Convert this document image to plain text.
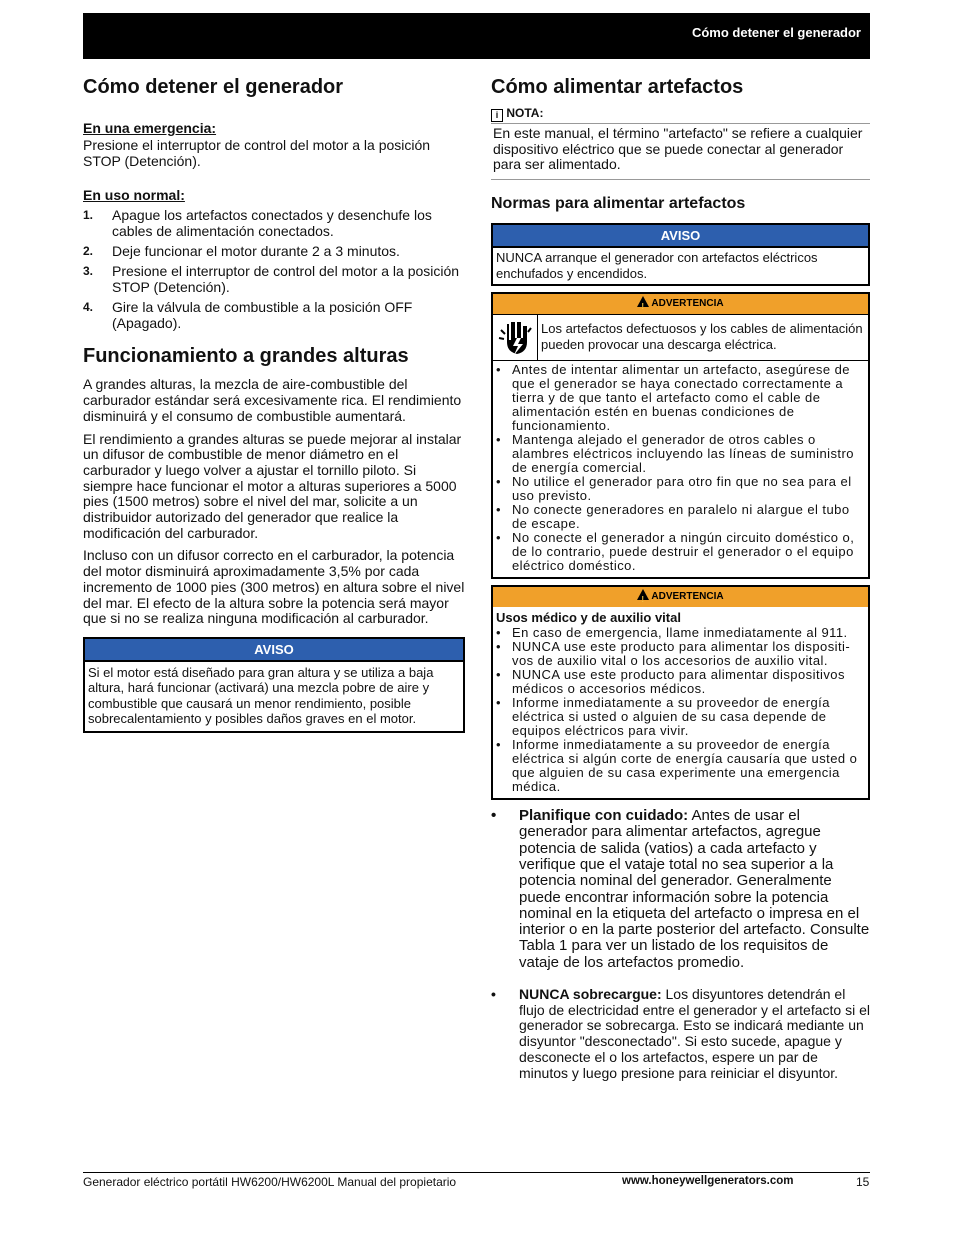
Cómo detener el generador
Cómo detener el generador
En una emergencia:

Presione el interruptor de control del motor a la posición STOP (Detención).

En uso normal:
1. Apague los artefactos conectados y desenchufe los cables de alimentación conectados.
2. Deje funcionar el motor durante 2 a 3 minutos.
3. Presione el interruptor de control del motor a la posición STOP (Detención).
4. Gire la válvula de combustible a la posición OFF (Apagado).
Funcionamiento a grandes alturas

A grandes alturas, la mezcla de aire-combustible del carburador estándar será excesivamente rica. El rendimiento disminuirá y el consumo de combustible aumentará.

El rendimiento a grandes alturas se puede mejorar al instalar un difusor de combustible de menor diámetro en el carburador y luego volver a ajustar el tornillo piloto. Si siempre hace funcionar el motor a alturas superiores a 5000 pies (1500 metros) sobre el nivel del mar, solicite a un distribuidor autorizado del generador que realice la modificación del carburador.

Incluso con un difusor correcto en el carburador, la potencia del motor disminuirá aproximadamente 3,5% por cada incremento de 1000 pies (300 metros) en altura sobre el nivel del mar. El efecto de la altura sobre la potencia será mayor que si no se realiza ninguna modificación al carburador.

AVISO
Si el motor está diseñado para gran altura y se utiliza a baja altura, hará funcionar (activará) una mezcla pobre de aire y combustible que causará un menor rendimiento, posible sobrecalentamiento y posibles daños graves en el motor.
Cómo alimentar artefactos
i NOTA:

En este manual, el término "artefacto" se refiere a cualquier dispositivo eléctrico que se puede conectar al generador para ser alimentado.

Normas para alimentar artefactos
AVISO
NUNCA arranque el generador con artefactos eléctricos enchufados y encendidos.
!ADVERTENCIA
Los artefactos defectuosos y los cables de alimentación pueden provocar una descarga eléctrica.
• Antes de intentar alimentar un artefacto, asegúrese de que el generador se haya conectado correctamente a tierra y de que tanto el artefacto como el cable de alimentación estén en buenas condiciones de funcionamiento.
• Mantenga alejado el generador de otros cables o alambres eléctricos incluyendo las líneas de suministro de energía comercial.
• No utilice el generador para otro fin que no sea para el uso previsto.
• No conecte generadores en paralelo ni alargue el tubo de escape.
• No conecte el generador a ningún circuito doméstico o, de lo contrario, puede destruir el generador o el equipo eléctrico doméstico.
!ADVERTENCIA
Usos médico y de auxilio vital
• En caso de emergencia, llame inmediatamente al 911.
• NUNCA use este producto para alimentar los dispositi- vos de auxilio vital o los accesorios de auxilio vital.
• NUNCA use este producto para alimentar dispositivos médicos o accesorios médicos.
• Informe inmediatamente a su proveedor de energía eléctrica si usted o alguien de su casa depende de equipos eléctricos para vivir.
• Informe inmediatamente a su proveedor de energía eléctrica si algún corte de energía causaría que usted o que alguien de su casa experimente una emergencia médica.
• Planifique con cuidado: Antes de usar el generador para alimentar artefactos, agregue potencia de salida (vatios) a cada artefacto y verifique que el vataje total no sea superior a la potencia nominal del generador. Generalmente puede encontrar información sobre la potencia nominal en la etiqueta del artefacto o impresa en el interior o en la parte posterior del artefacto. Consulte Tabla 1 para ver un listado de los requisitos de vataje de los artefactos promedio.
• NUNCA sobrecargue: Los disyuntores detendrán el flujo de electricidad entre el generador y el artefacto si el generador se sobrecarga. Esto se indicará mediante un disyuntor "desconectado". Si esto sucede, apague y desconecte el o los artefactos, espere un par de minutos y luego presione para reiniciar el disyuntor.
Generador eléctrico portátil HW6200/HW6200L Manual del propietario	www.honeywellgenerators.com	15
